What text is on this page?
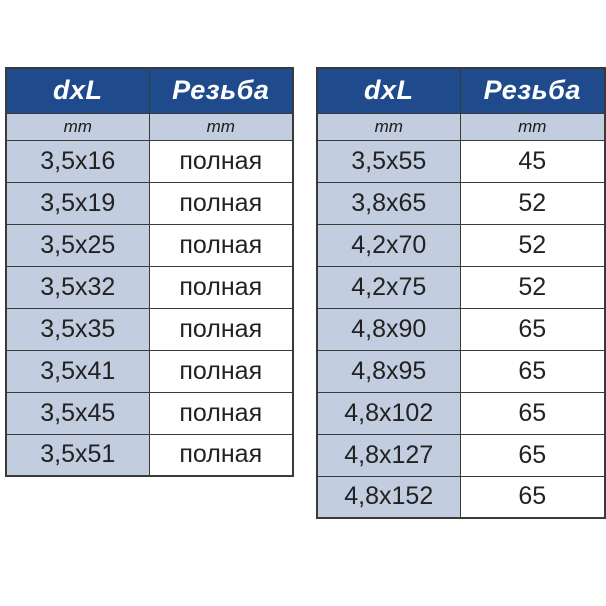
dxL	Резьба
mm	mm
3,5x16	полная
3,5x19	полная
3,5x25	полная
3,5x32	полная
3,5x35	полная
3,5x41	полная
3,5x45	полная
3,5x51	полная
dxL	Резьба
mm	mm
3,5x55	45
3,8x65	52
4,2x70	52
4,2x75	52
4,8x90	65
4,8x95	65
4,8x102	65
4,8x127	65
4,8x152	65
